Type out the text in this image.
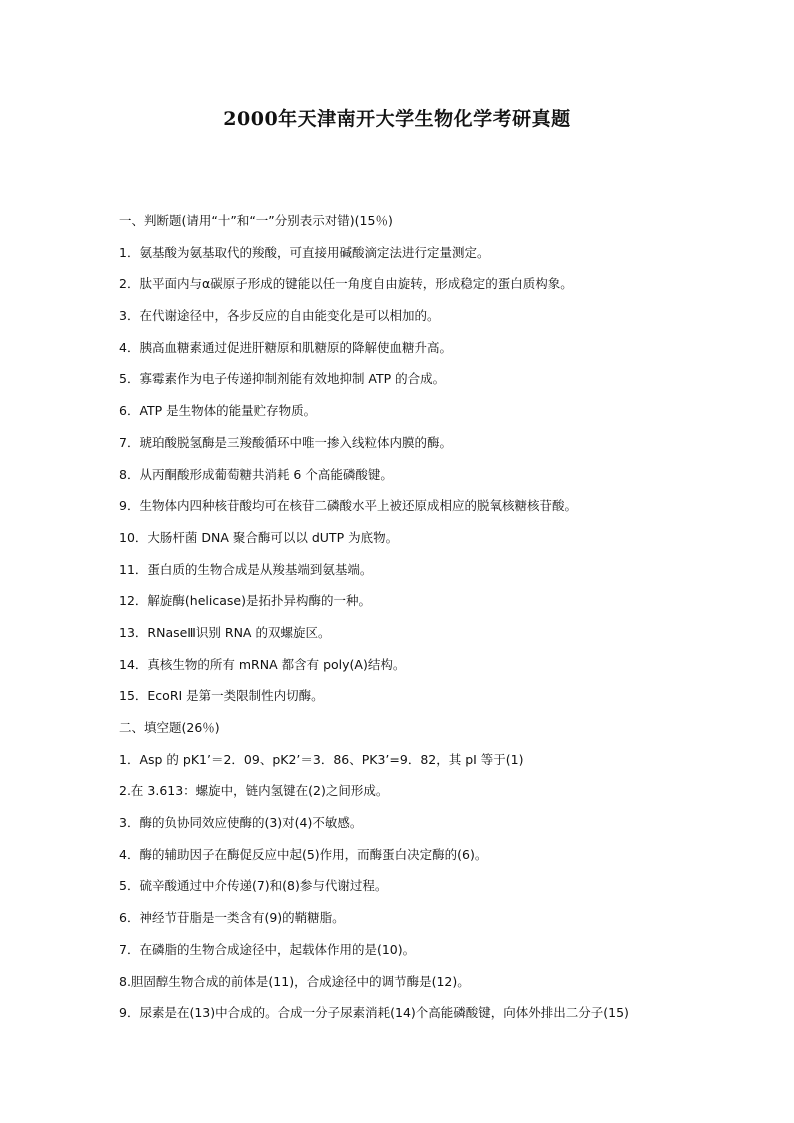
2000年天津南开大学生物化学考研真题
一、判断题(请用“十”和“一”分别表示对错)(15％)
1．氨基酸为氨基取代的羧酸，可直接用碱酸滴定法进行定量测定。
2．肽平面内与α碳原子形成的键能以任一角度自由旋转，形成稳定的蛋白质构象。
3．在代谢途径中，各步反应的自由能变化是可以相加的。
4．胰高血糖素通过促进肝糖原和肌糖原的降解使血糖升高。
5．寡霉素作为电子传递抑制剂能有效地抑制 ATP 的合成。
6．ATP 是生物体的能量贮存物质。
7．琥珀酸脱氢酶是三羧酸循环中唯一掺入线粒体内膜的酶。
8．从丙酮酸形成葡萄糖共消耗 6 个高能磷酸键。
9．生物体内四种核苷酸均可在核苷二磷酸水平上被还原成相应的脱氧核糖核苷酸。
10．大肠杆菌 DNA 聚合酶可以以 dUTP 为底物。
11．蛋白质的生物合成是从羧基端到氨基端。
12．解旋酶(helicase)是拓扑异构酶的一种。
13．RNaseⅢ识别 RNA 的双螺旋区。
14．真核生物的所有 mRNA 都含有 poly(A)结构。
15．EcoRI 是第一类限制性内切酶。
二、填空题(26％)
1．Asp 的 pK1’＝2．09、pK2’＝3．86、PK3’=9．82，其 pI 等于(1)
2.在 3.613：螺旋中，链内氢键在(2)之间形成。
3．酶的负协同效应使酶的(3)对(4)不敏感。
4．酶的辅助因子在酶促反应中起(5)作用，而酶蛋白决定酶的(6)。
5．硫辛酸通过中介传递(7)和(8)参与代谢过程。
6．神经节苷脂是一类含有(9)的鞘糖脂。
7．在磷脂的生物合成途径中，起载体作用的是(10)。
8.胆固醇生物合成的前体是(11)，合成途径中的调节酶是(12)。
9．尿素是在(13)中合成的。合成一分子尿素消耗(14)个高能磷酸键，向体外排出二分子(15)
